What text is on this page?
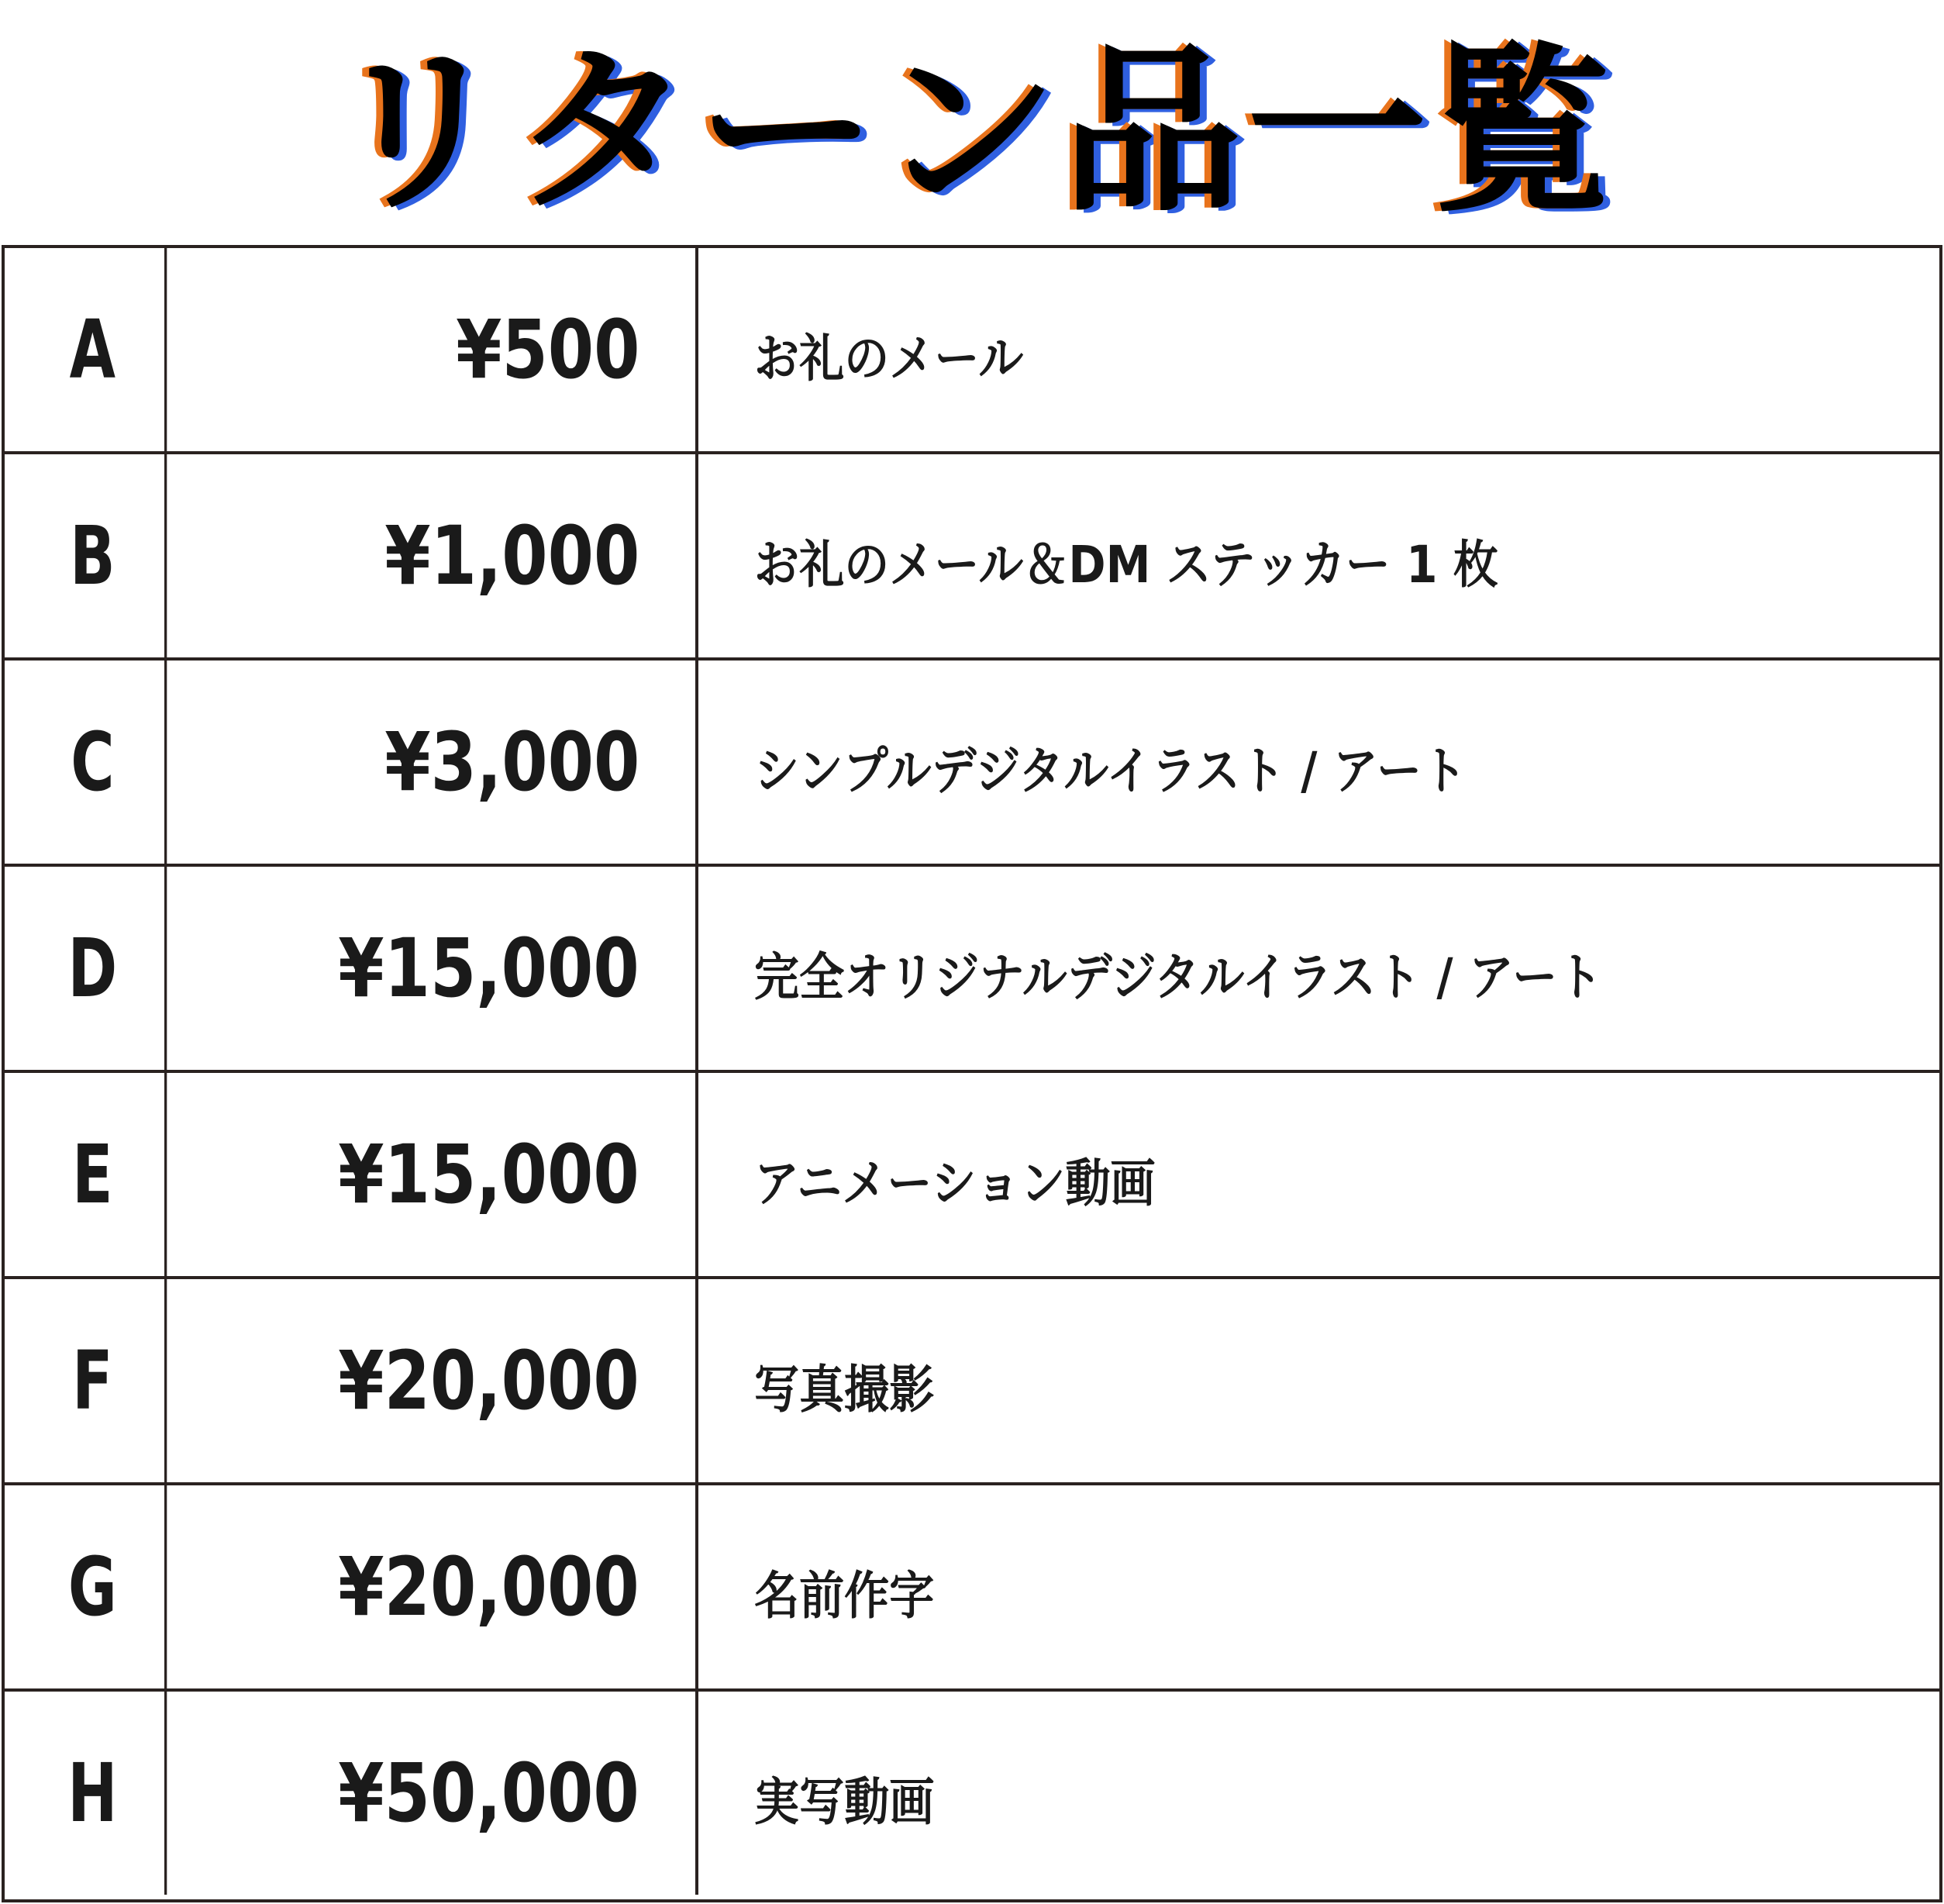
リターン品一覧
A	¥500 お礼のメール
B	¥1,000 お礼のメール＆DM ステッカー 1 枚
C	¥3,000 シンプルデジタルイラスト / アート
D	¥15,000 完全オリジナルデジタルイラスト / アート
E	¥15,000 アニメーション動画
F	¥20,000 写真撮影
G	¥20,000 名前作字
H	¥50,000 実写動画
